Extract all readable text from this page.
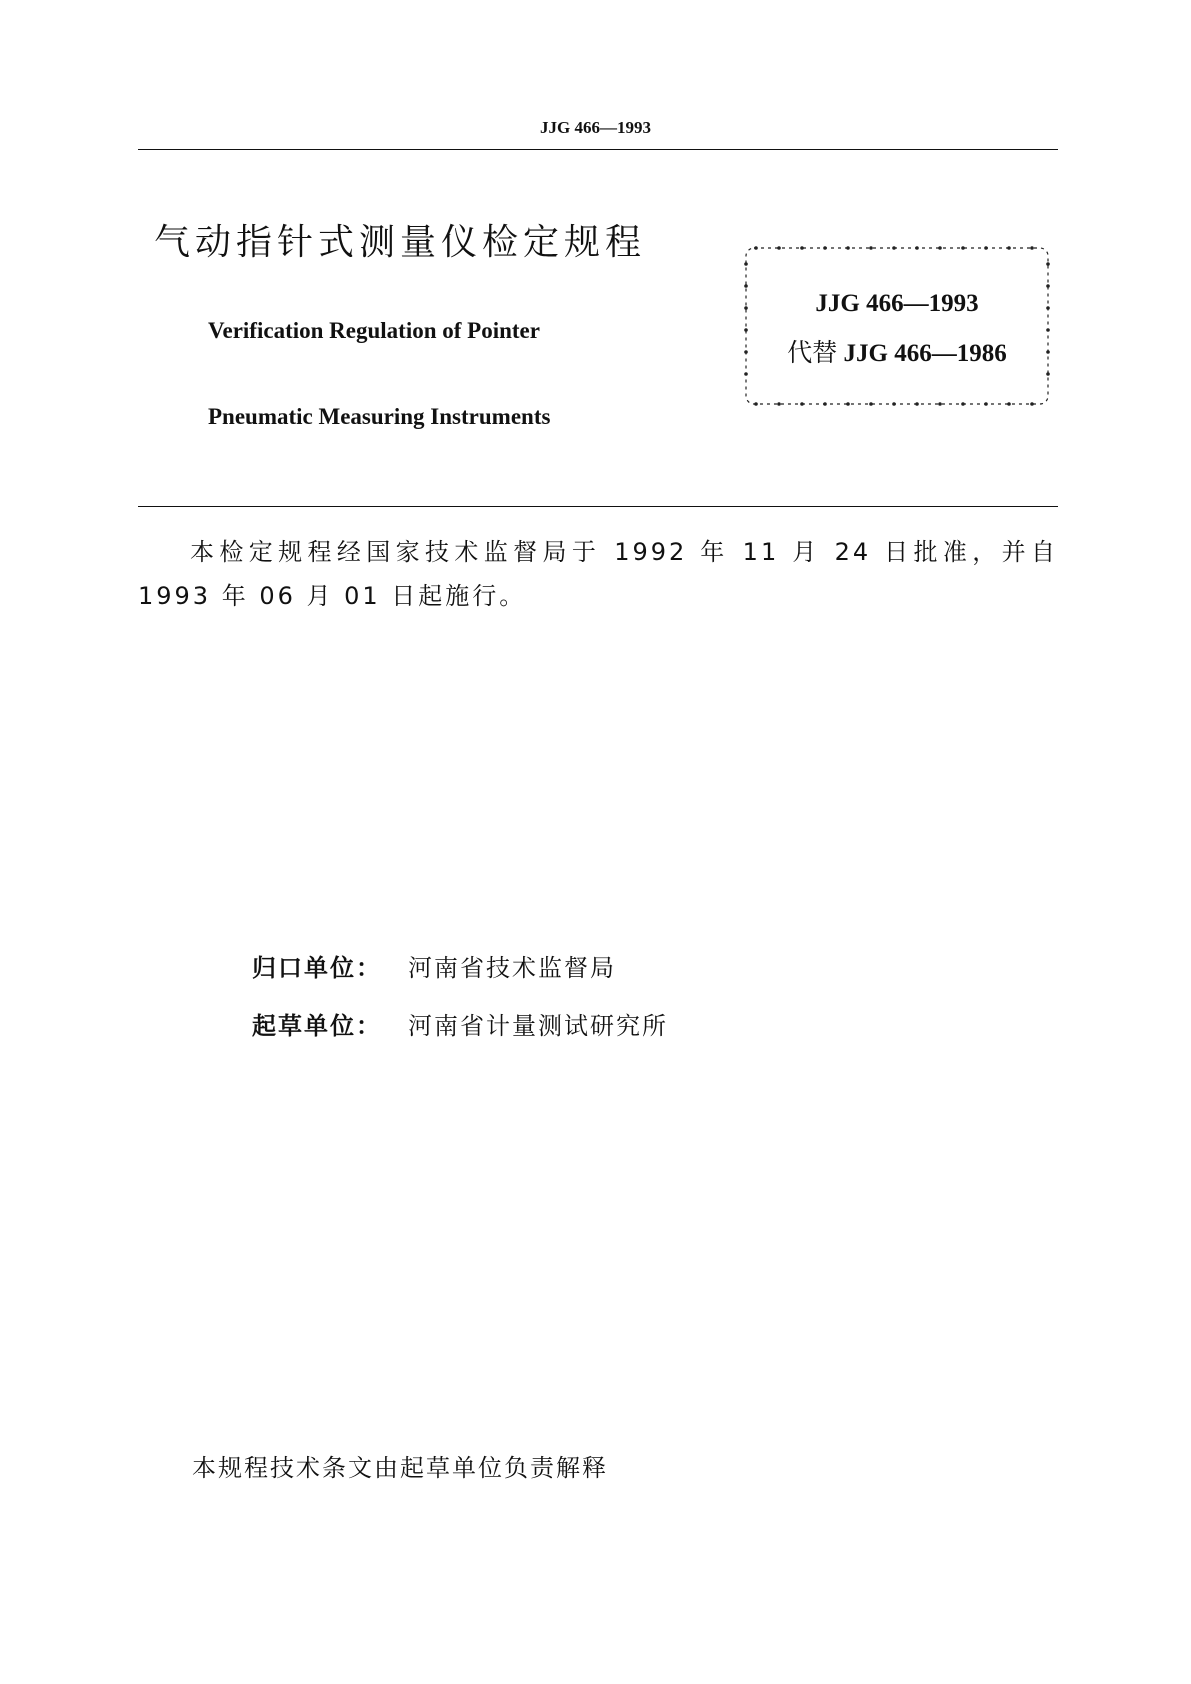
JJG 466—1993
气动指针式测量仪检定规程
Verification Regulation of Pointer
Pneumatic Measuring Instruments
JJG 466—1993
代替 JJG 466—1986
本检定规程经国家技术监督局于 1992 年 11 月 24 日批准，并自 1993 年 06 月 01 日起施行。
归口单位： 河南省技术监督局
起草单位： 河南省计量测试研究所
本规程技术条文由起草单位负责解释
